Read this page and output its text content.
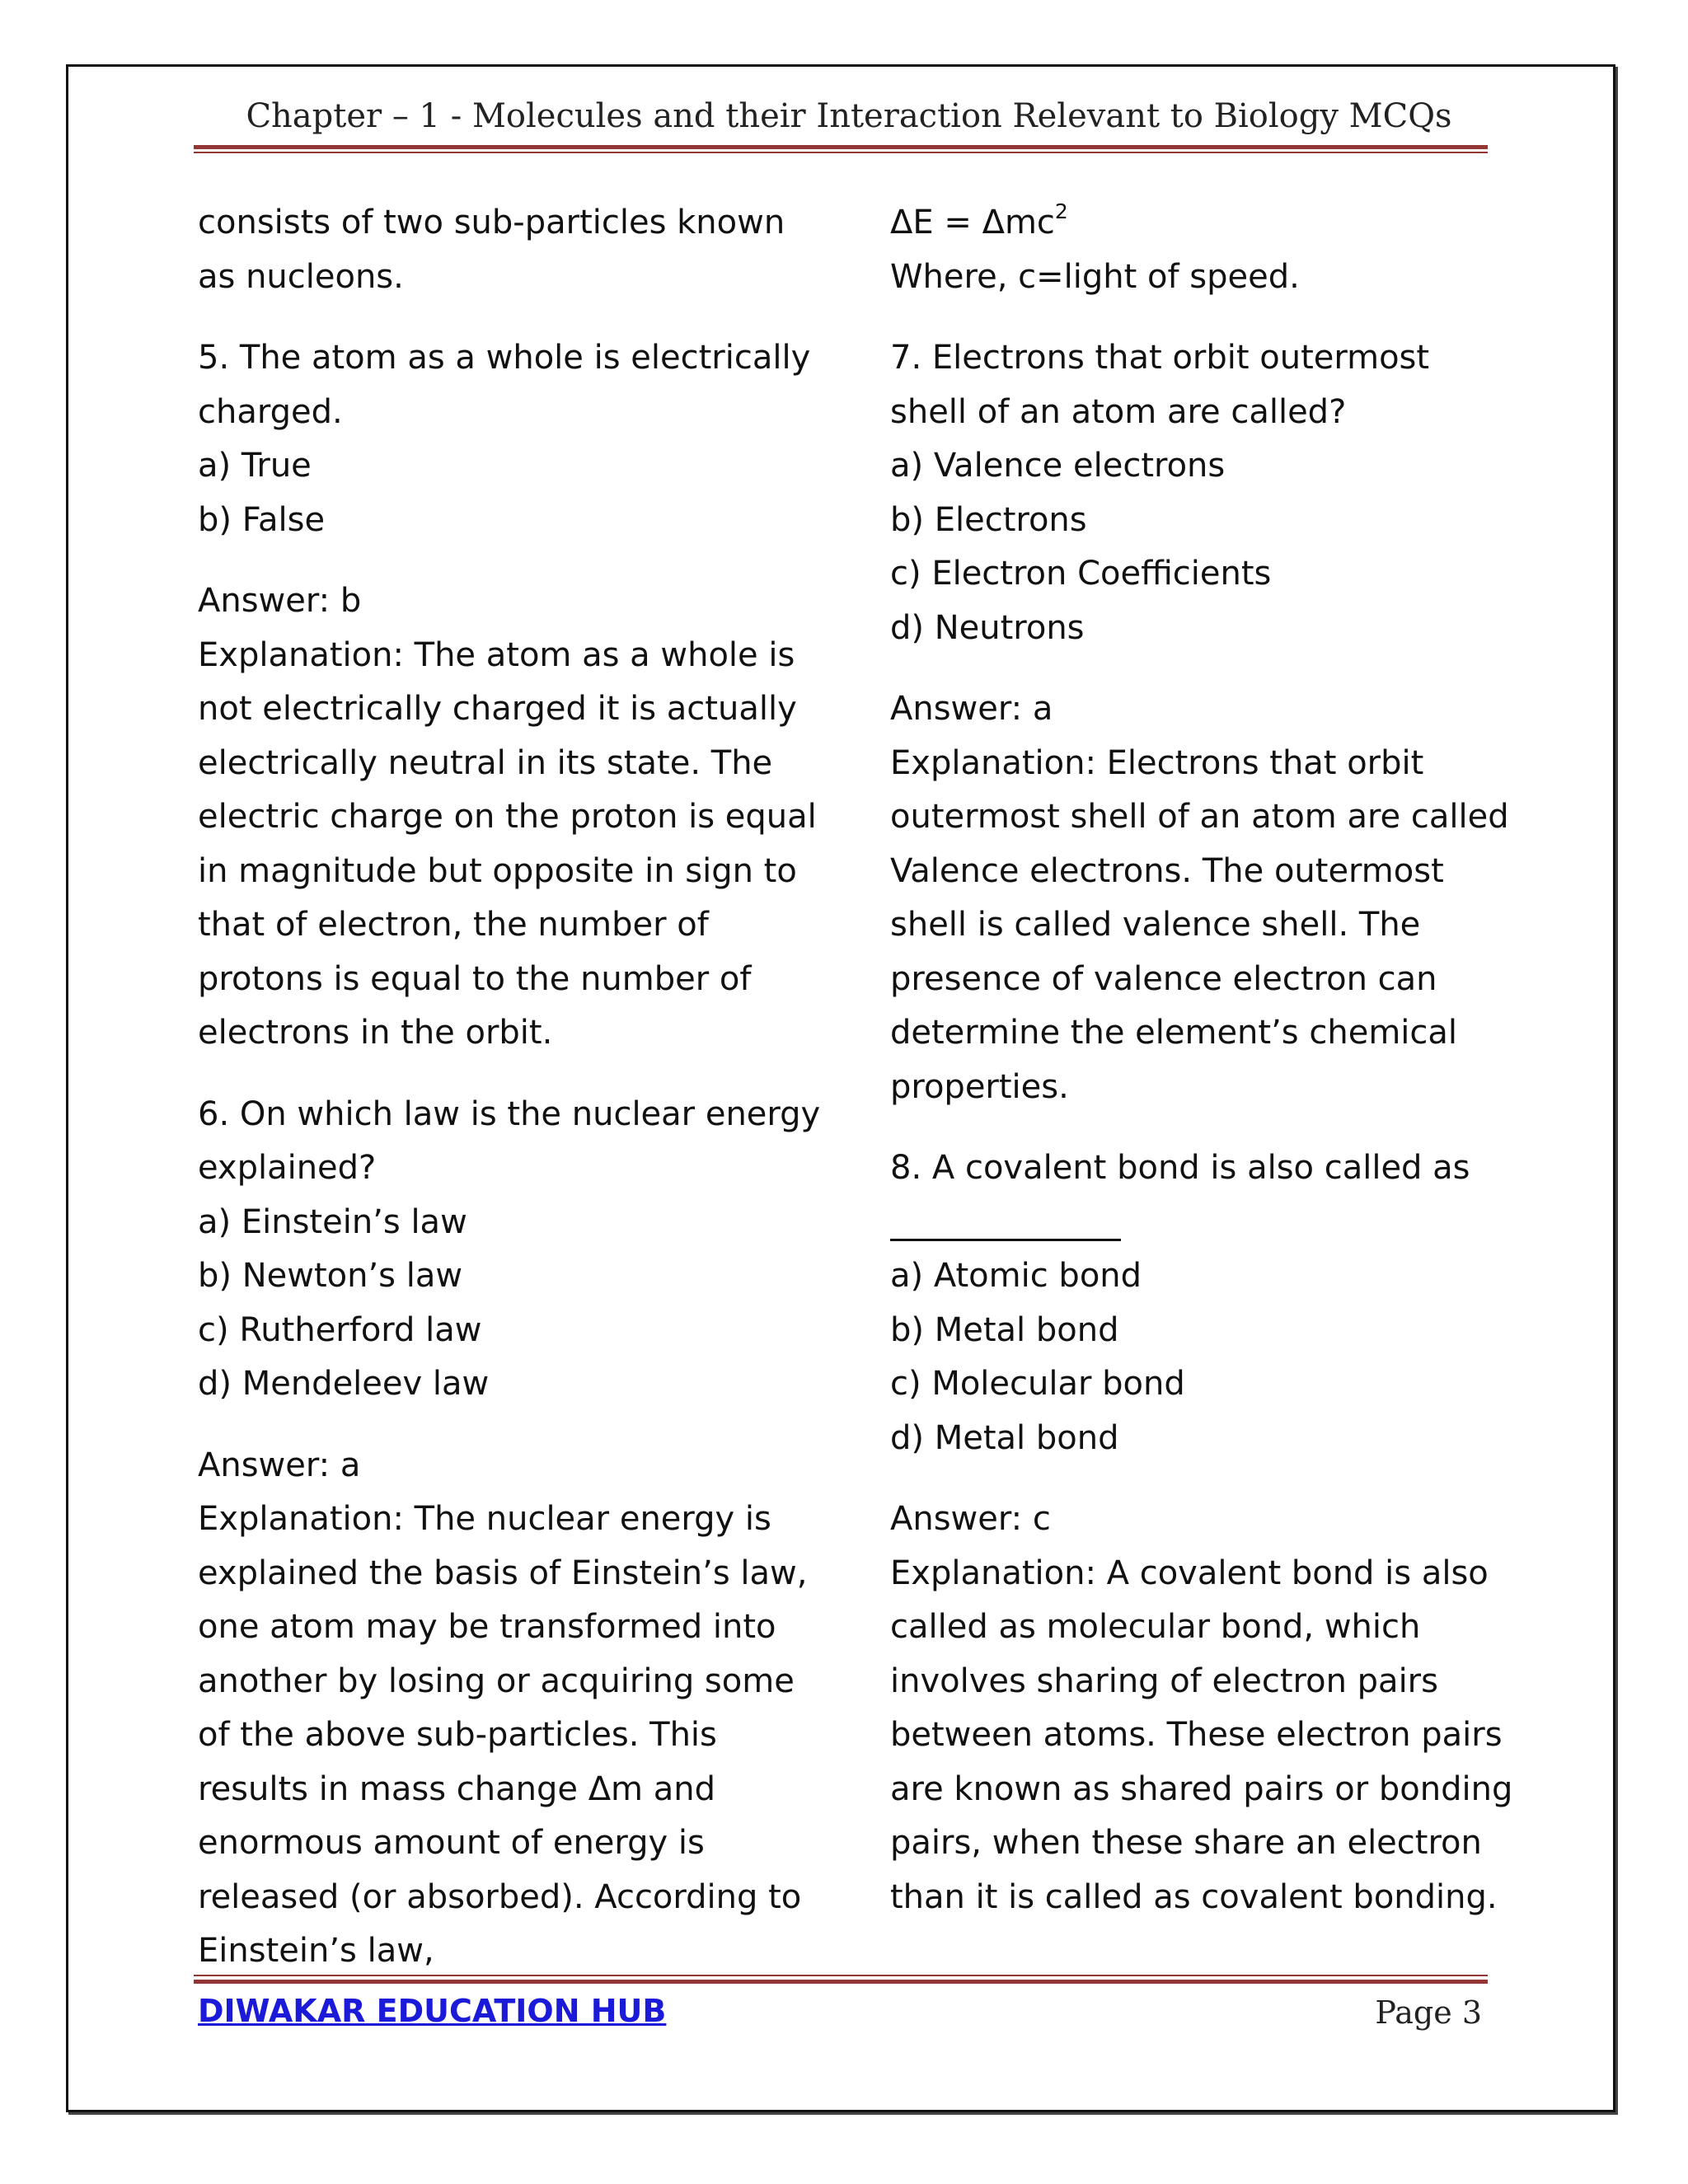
Chapter – 1 - Molecules and their Interaction Relevant to Biology MCQs
consists of two sub-particles known
as nucleons.
5. The atom as a whole is electrically
charged.
a) True
b) False
Answer: b
Explanation: The atom as a whole is
not electrically charged it is actually
electrically neutral in its state. The
electric charge on the proton is equal
in magnitude but opposite in sign to
that of electron, the number of
protons is equal to the number of
electrons in the orbit.
6. On which law is the nuclear energy
explained?
a) Einstein’s law
b) Newton’s law
c) Rutherford law
d) Mendeleev law
Answer: a
Explanation: The nuclear energy is
explained the basis of Einstein’s law,
one atom may be transformed into
another by losing or acquiring some
of the above sub-particles. This
results in mass change Δm and
enormous amount of energy is
released (or absorbed). According to
Einstein’s law,
ΔE = Δmc$^2$
Where, c=light of speed.
7. Electrons that orbit outermost
shell of an atom are called?
a) Valence electrons
b) Electrons
c) Electron Coefficients
d) Neutrons
Answer: a
Explanation: Electrons that orbit
outermost shell of an atom are called
Valence electrons. The outermost
shell is called valence shell. The
presence of valence electron can
determine the element’s chemical
properties.
8. A covalent bond is also called as
a) Atomic bond
b) Metal bond
c) Molecular bond
d) Metal bond
Answer: c
Explanation: A covalent bond is also
called as molecular bond, which
involves sharing of electron pairs
between atoms. These electron pairs
are known as shared pairs or bonding
pairs, when these share an electron
than it is called as covalent bonding.
DIWAKAR EDUCATION HUB	Page 3
